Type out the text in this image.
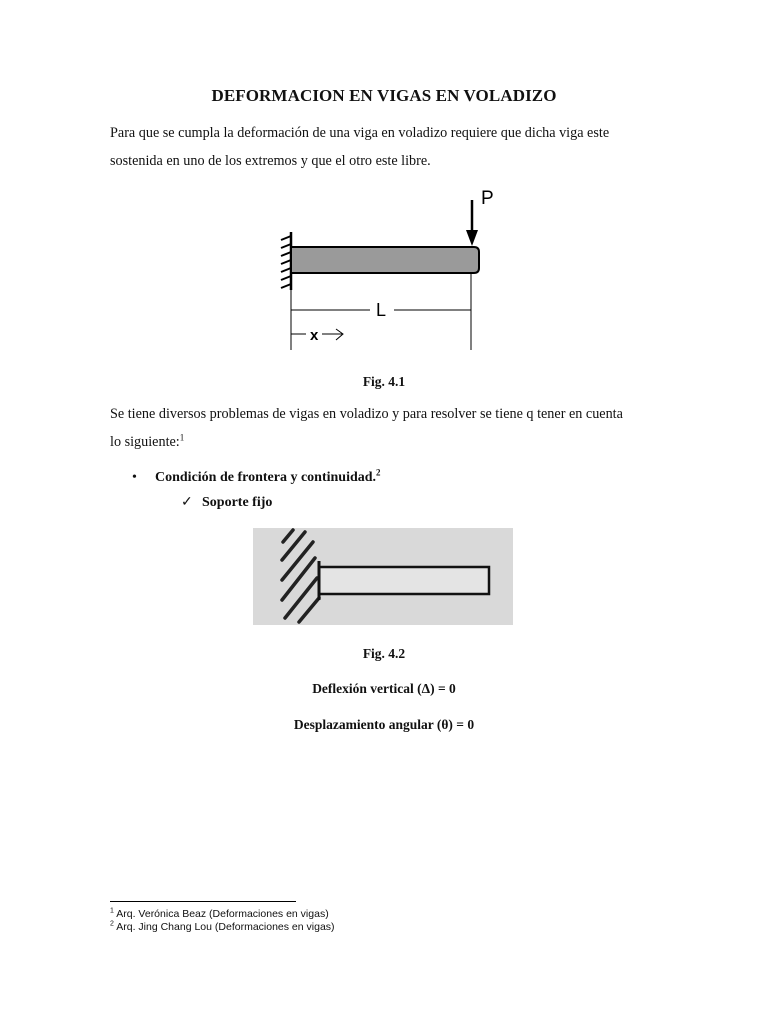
DEFORMACION EN VIGAS EN VOLADIZO
Para que se cumpla la deformación de una viga en voladizo requiere que dicha viga este
sostenida en uno de los extremos y que el otro este libre.
P
L
x
Fig. 4.1
Se tiene diversos problemas de vigas en voladizo y para resolver se tiene q tener en cuenta
lo siguiente:$^1$
• Condición de frontera y continuidad.$^2$
✓ Soporte fijo
Fig. 4.2
Deflexión vertical (Δ) = 0
Desplazamiento angular (θ) = 0
$^1$ Arq. Verónica Beaz (Deformaciones en vigas)
$^2$ Arq. Jing Chang Lou (Deformaciones en vigas)
